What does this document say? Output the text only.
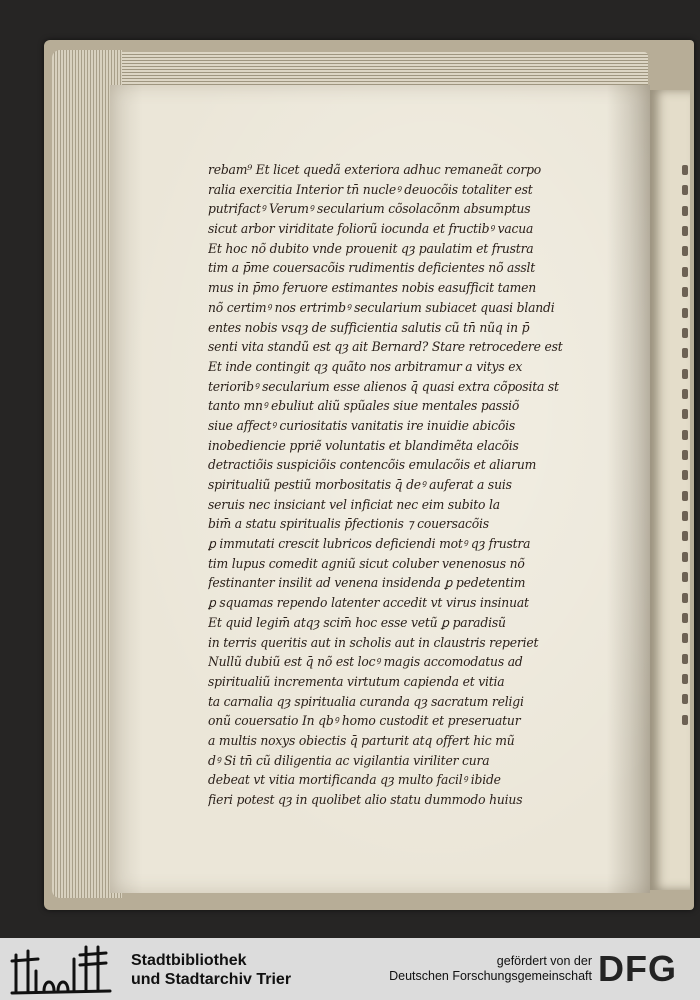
rebam⁹ Et licet quedã exteriora adhuc remaneãt corpo
ralia exercitia Interior tn̄ nucleꝰ deuocõis totaliter est
putrifactꝰ Verumꝰ secularium cõsolacõnm absumptus
sicut arbor viriditate foliorũ iocunda et fructibꝰ vacua
Et hoc nõ dubito vnde prouenit qȝ paulatim et frustra
tim a p̄me couersacõis rudimentis deficientes nõ asslt
mus in p̄mo feruore estimantes nobis easufficit tamen
nõ certimꝰ nos ertrimbꝰ secularium subiacet quasi blandi
entes nobis vsqȝ de sufficientia salutis cũ tn̄ nũq in p̄
senti vita standũ est qȝ ait Bernard? Stare retrocedere est
Et inde contingit qȝ quãto nos arbitramur a vitys ex
terioribꝰ secularium esse alienos q̄ quasi extra cõposita st
tanto mnꝰ ebuliut aliũ spũales siue mentales passiõ
siue affectꝰ curiositatis vanitatis ire inuidie abicõis
inobediencie ppriẽ voluntatis et blandimẽta elacõis
detractiõis suspiciõis contencõis emulacõis et aliarum
spiritualiũ pestiũ morbositatis q̄ deꝰ auferat a suis
seruis nec insiciant vel inficiat nec eim subito la
bim̄ a statu spiritualis p̄fectionis ⁊ couersacõis
ꝑ immutati crescit lubricos deficiendi motꝰ qȝ frustra
tim lupus comedit agniũ sicut coluber venenosus nõ
festinanter insilit ad venena insidenda ꝑ pedetentim
ꝑ squamas rependo latenter accedit vt virus insinuat
Et quid legim̄ atqȝ scim̄ hoc esse vetũ ꝑ paradisũ
in terris queritis aut in scholis aut in claustris reperiet
Nullũ dubiũ est q̄ nõ est locꝰ magis accomodatus ad
spiritualiũ incrementa virtutum capienda et vitia
ta carnalia qȝ spiritualia curanda qȝ sacratum religi
onũ couersatio In qbꝰ homo custodit et preseruatur
a multis noxys obiectis q̄ parturit atq offert hic mũ
dꝰ Si tn̄ cũ diligentia ac vigilantia viriliter cura
debeat vt vitia mortificanda qȝ multo facilꝰ ibide
fieri potest qȝ in quolibet alio statu dummodo huius
Stadtbibliothek
und Stadtarchiv Trier
gefördert von der
Deutschen Forschungsgemeinschaft DFG
